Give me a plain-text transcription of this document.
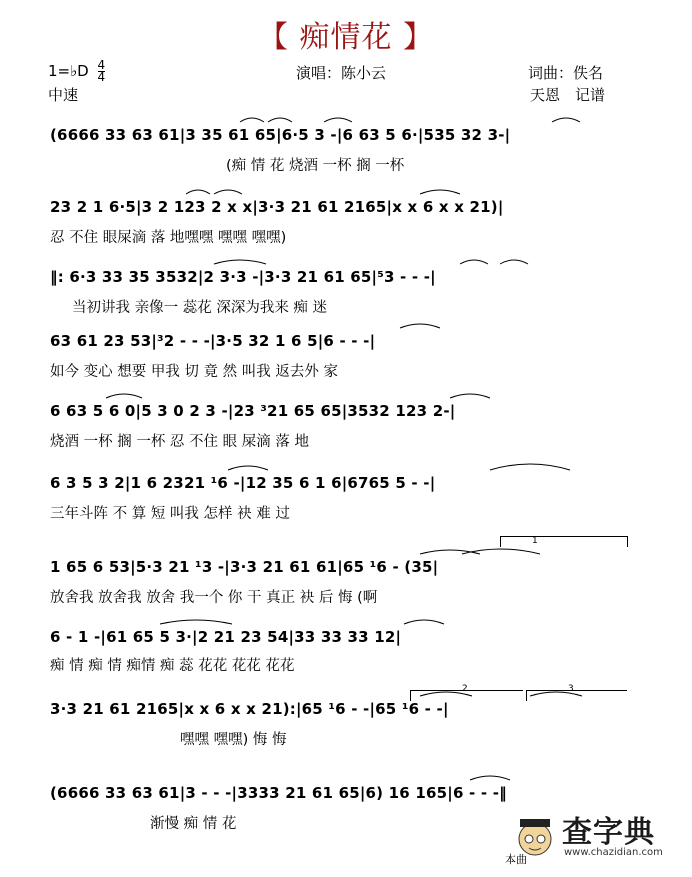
【 痴情花 】
1=♭D $\frac{4}{4}$
中速
演唱：陈小云	词曲：佚名
天恩　记谱
(6666 33 63 61|3 35 61 65|6·5 3 -|6 63 5 6·|535 32 3-|
(痴 情 花 烧酒 一杯 搁 一杯
23 2 1 6·5|3 2 123 2 x x|3·3 21 61 2165|x x 6 x x 21)|
忍 不住 眼屎滴 落 地嘿嘿 嘿嘿 嘿嘿)
‖: 6·3 33 35 3532|2 3·3 -|3·3 21 61 65|⁵3 - - -|
当初讲我 亲像一 蕊花 深深为我来 痴 迷
63 61 23 53|³2 - - -|3·5 32 1 6 5|6 - - -|
如今 变心 想要 甲我 切 竟 然 叫我 返去外 家
6 63 5 6 0|5 3 0 2 3 -|23 ³21 65 65|3532 123 2-|
烧酒 一杯 搁 一杯 忍 不住 眼 屎滴 落 地
6 3 5 3 2|1 6 2321 ¹6 -|12 35 6 1 6|6765 5 - -|
三年斗阵 不 算 短 叫我 怎样 袂 难 过
1 65 6 53|5·3 21 ¹3 -|3·3 21 61 61|65 ¹6 - (35|
放舍我 放舍我 放舍 我一个 你 干 真正 袂 后 悔 (啊
6 - 1 -|61 65 5 3·|2 21 23 54|33 33 33 12|
痴 情 痴 情 痴情 痴 蕊 花花 花花 花花
3·3 21 61 2165|x x 6 x x 21):|65 ¹6 - -|65 ¹6 - -|
嘿嘿 嘿嘿) 悔 悔
(6666 33 63 61|3 - - -|3333 21 61 65|6) 16 165|6 - - -‖
渐慢 痴 情 花
1
2	3
本曲
查字典
www.chazidian.com
